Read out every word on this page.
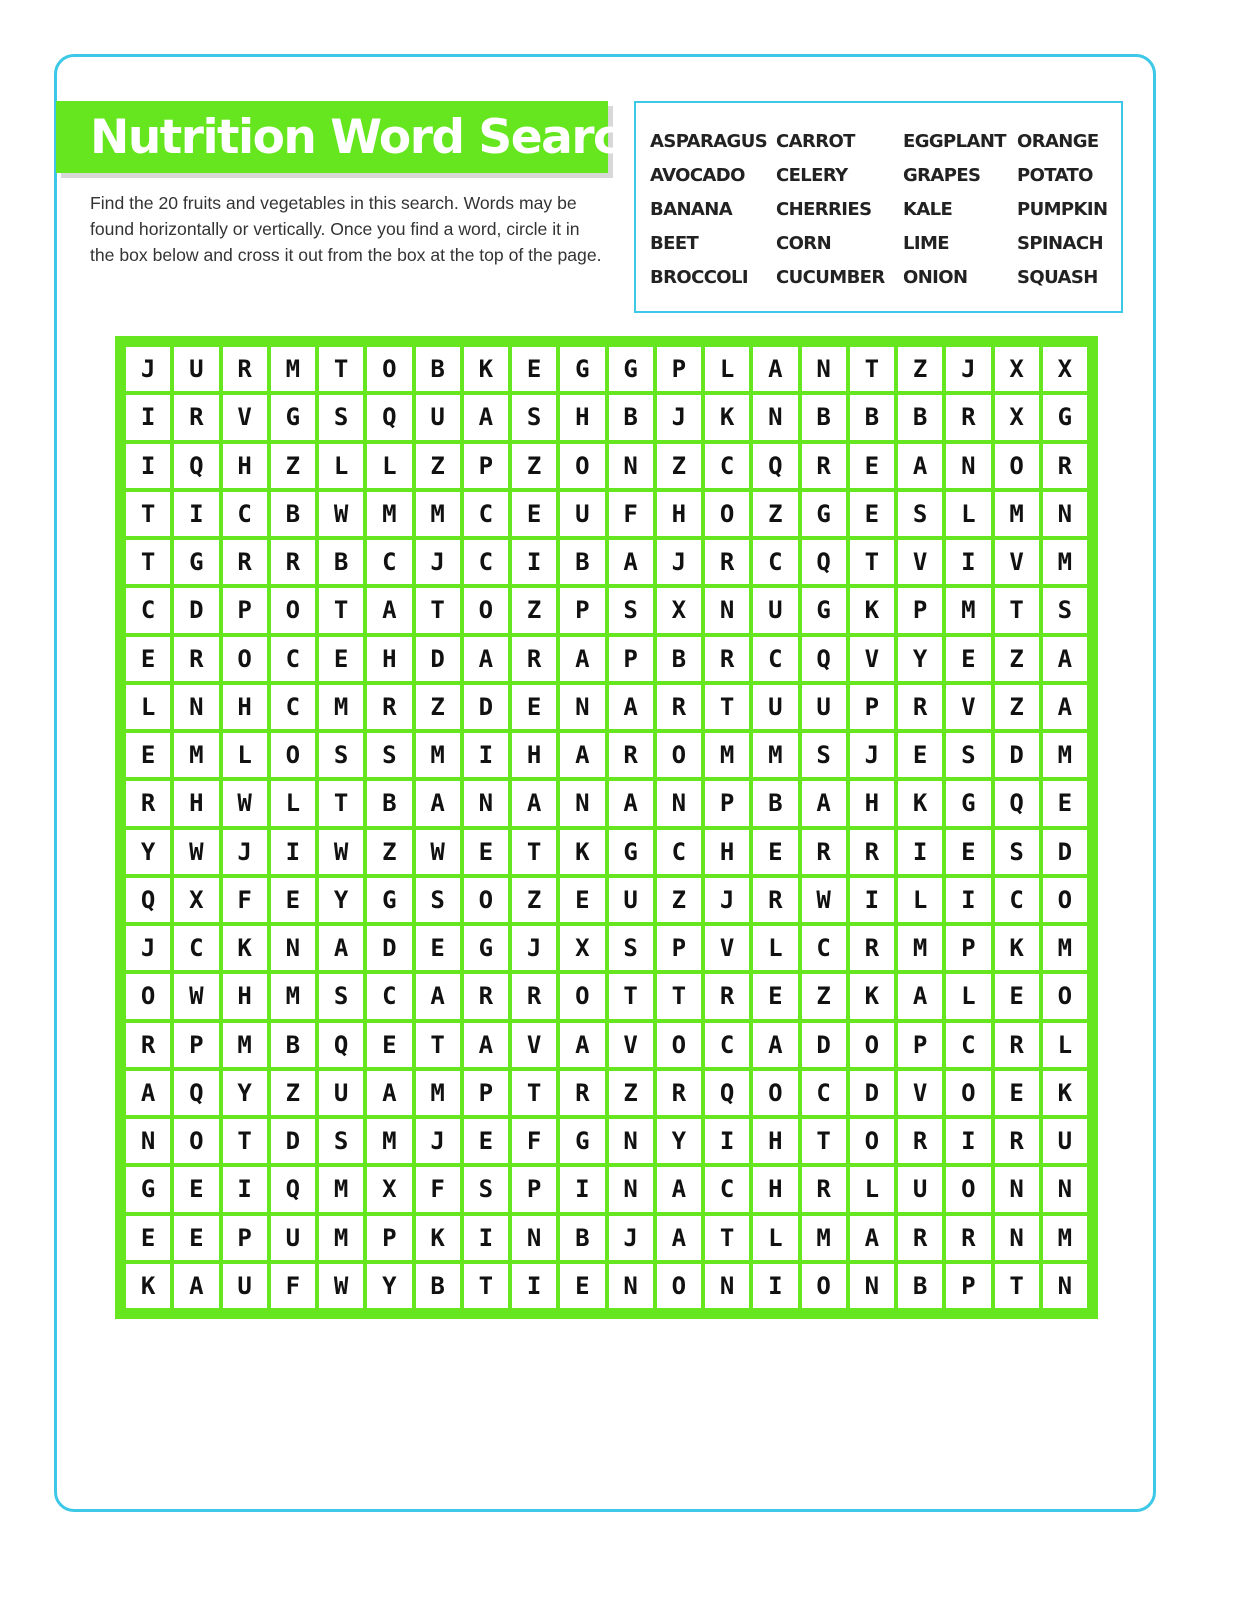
Nutrition Word Search

Find the 20 fruits and vegetables in this search. Words may be found horizontally or vertically. Once you find a word, circle it in the box below and cross it out from the box at the top of the page.

ASPARAGUS
AVOCADO
BANANA
BEET
BROCCOLI
CARROT
CELERY
CHERRIES
CORN
CUCUMBER
EGGPLANT
GRAPES
KALE
LIME
ONION
ORANGE
POTATO
PUMPKIN
SPINACH
SQUASH
J	U	R	M	T	O	B	K	E	G	G	P	L	A	N	T	Z	J	X	X
I	R	V	G	S	Q	U	A	S	H	B	J	K	N	B	B	B	R	X	G
I	Q	H	Z	L	L	Z	P	Z	O	N	Z	C	Q	R	E	A	N	O	R
T	I	C	B	W	M	M	C	E	U	F	H	O	Z	G	E	S	L	M	N
T	G	R	R	B	C	J	C	I	B	A	J	R	C	Q	T	V	I	V	M
C	D	P	O	T	A	T	O	Z	P	S	X	N	U	G	K	P	M	T	S
E	R	O	C	E	H	D	A	R	A	P	B	R	C	Q	V	Y	E	Z	A
L	N	H	C	M	R	Z	D	E	N	A	R	T	U	U	P	R	V	Z	A
E	M	L	O	S	S	M	I	H	A	R	O	M	M	S	J	E	S	D	M
R	H	W	L	T	B	A	N	A	N	A	N	P	B	A	H	K	G	Q	E
Y	W	J	I	W	Z	W	E	T	K	G	C	H	E	R	R	I	E	S	D
Q	X	F	E	Y	G	S	O	Z	E	U	Z	J	R	W	I	L	I	C	O
J	C	K	N	A	D	E	G	J	X	S	P	V	L	C	R	M	P	K	M
O	W	H	M	S	C	A	R	R	O	T	T	R	E	Z	K	A	L	E	O
R	P	M	B	Q	E	T	A	V	A	V	O	C	A	D	O	P	C	R	L
A	Q	Y	Z	U	A	M	P	T	R	Z	R	Q	O	C	D	V	O	E	K
N	O	T	D	S	M	J	E	F	G	N	Y	I	H	T	O	R	I	R	U
G	E	I	Q	M	X	F	S	P	I	N	A	C	H	R	L	U	O	N	N
E	E	P	U	M	P	K	I	N	B	J	A	T	L	M	A	R	R	N	M
K	A	U	F	W	Y	B	T	I	E	N	O	N	I	O	N	B	P	T	N
